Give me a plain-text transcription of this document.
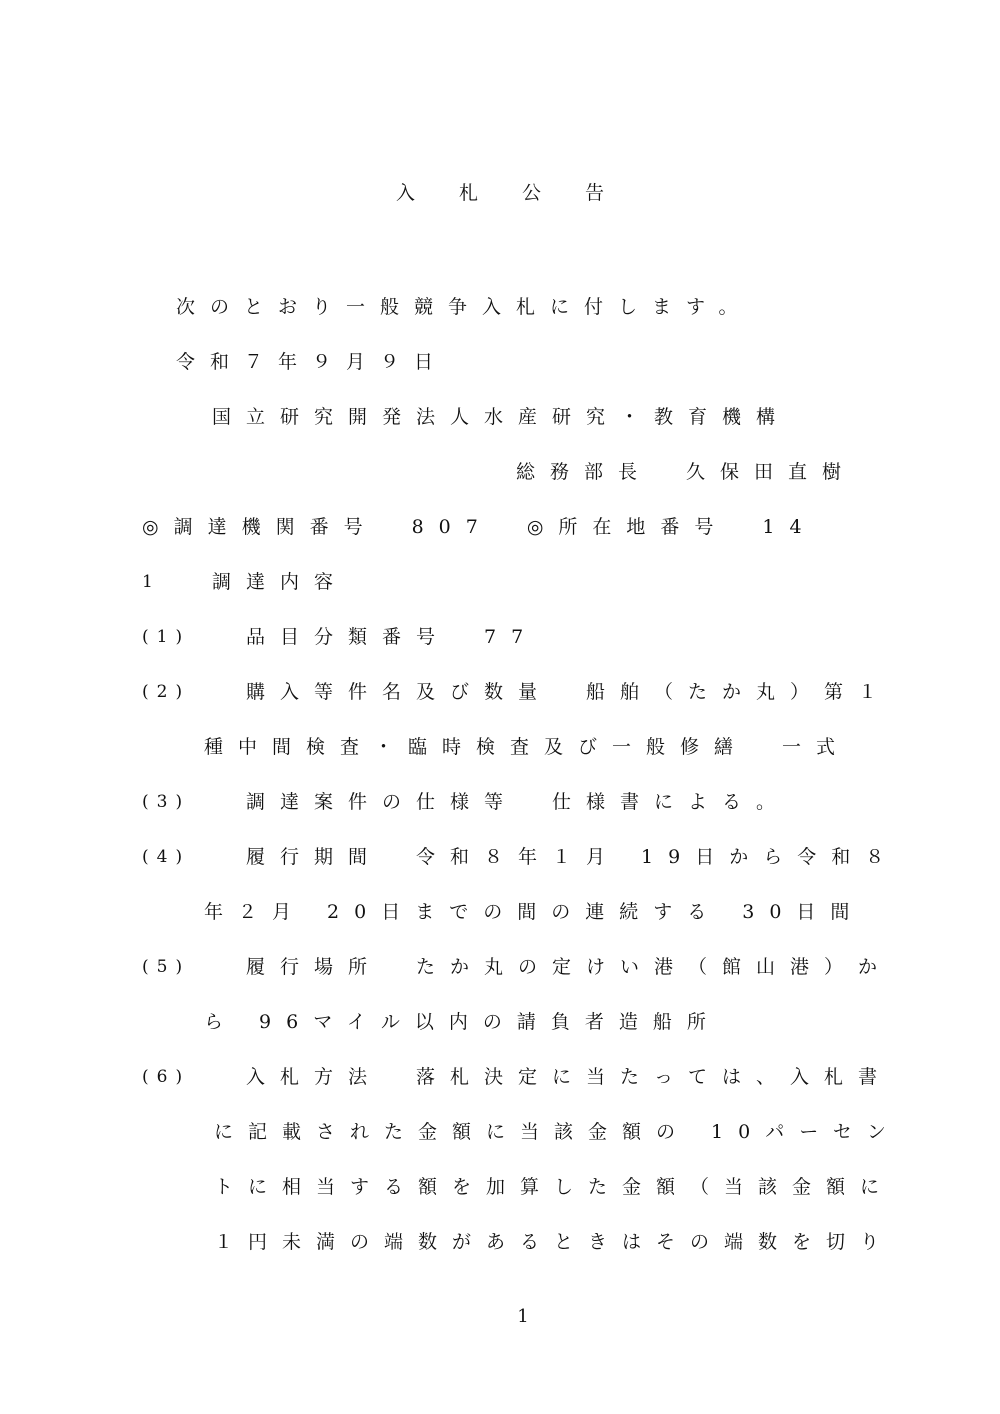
入札公告
次のとおり一般競争入札に付します。
令和７年９月９日
国立研究開発法人水産研究・教育機構
総務部長　久保田直樹
◎調達機関番号　807　◎所在地番号　14
1	調達内容
(1)	品目分類番号　77
(2)	購入等件名及び数量　船舶（たか丸）第１
種中間検査・臨時検査及び一般修繕　一式
(3)	調達案件の仕様等　仕様書による。
(4)	履行期間　令和８年１月 19日から令和８
年２月 20日までの間の連続する 30日間
(5)	履行場所　たか丸の定けい港（館山港）か
ら 96マイル以内の請負者造船所
(6)	入札方法　落札決定に当たっては、入札書
に記載された金額に当該金額の 10パーセン
トに相当する額を加算した金額（当該金額に
１円未満の端数があるときはその端数を切り
1
